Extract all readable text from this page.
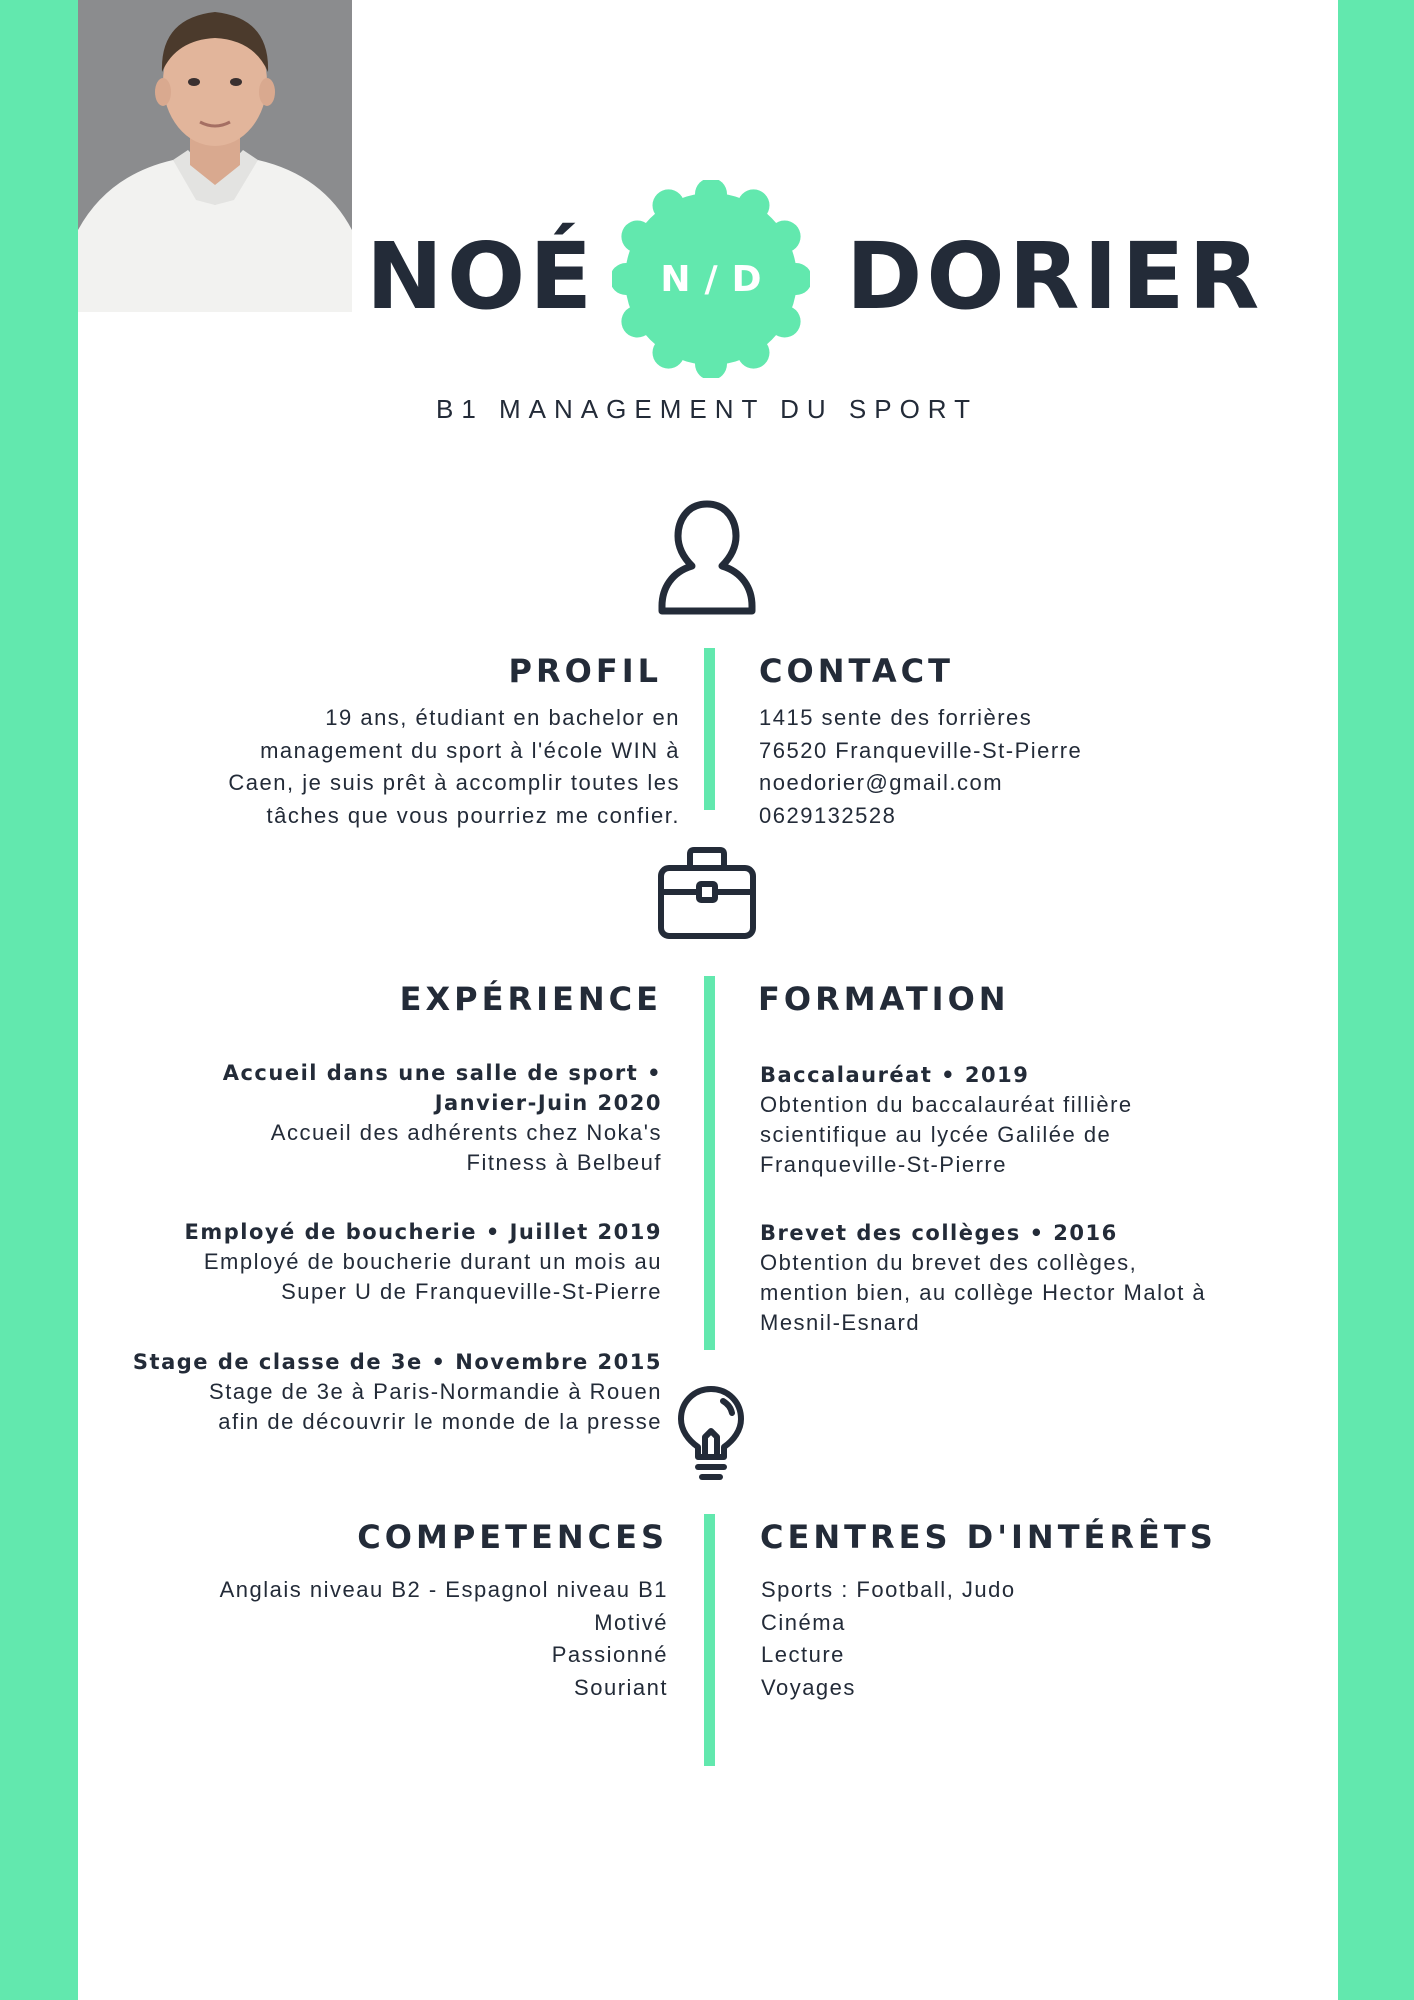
NOÉ	N/D DORIER
B1 MANAGEMENT DU SPORT
PROFIL
19 ans, étudiant en bachelor en
management du sport à l'école WIN à
Caen, je suis prêt à accomplir toutes les
tâches que vous pourriez me confier.
CONTACT
1415 sente des forrières
76520 Franqueville-St-Pierre
noedorier@gmail.com
0629132528
EXPÉRIENCE
Accueil dans une salle de sport •
Janvier-Juin 2020
Accueil des adhérents chez Noka's
Fitness à Belbeuf
Employé de boucherie • Juillet 2019
Employé de boucherie durant un mois au
Super U de Franqueville-St-Pierre
Stage de classe de 3e • Novembre 2015
Stage de 3e à Paris-Normandie à Rouen
afin de découvrir le monde de la presse
FORMATION
Baccalauréat • 2019
Obtention du baccalauréat fillière
scientifique au lycée Galilée de
Franqueville-St-Pierre
Brevet des collèges • 2016
Obtention du brevet des collèges,
mention bien, au collège Hector Malot à
Mesnil-Esnard
COMPETENCES
Anglais niveau B2 - Espagnol niveau B1
Motivé
Passionné
Souriant
CENTRES D'INTÉRÊTS
Sports : Football, Judo
Cinéma
Lecture
Voyages
